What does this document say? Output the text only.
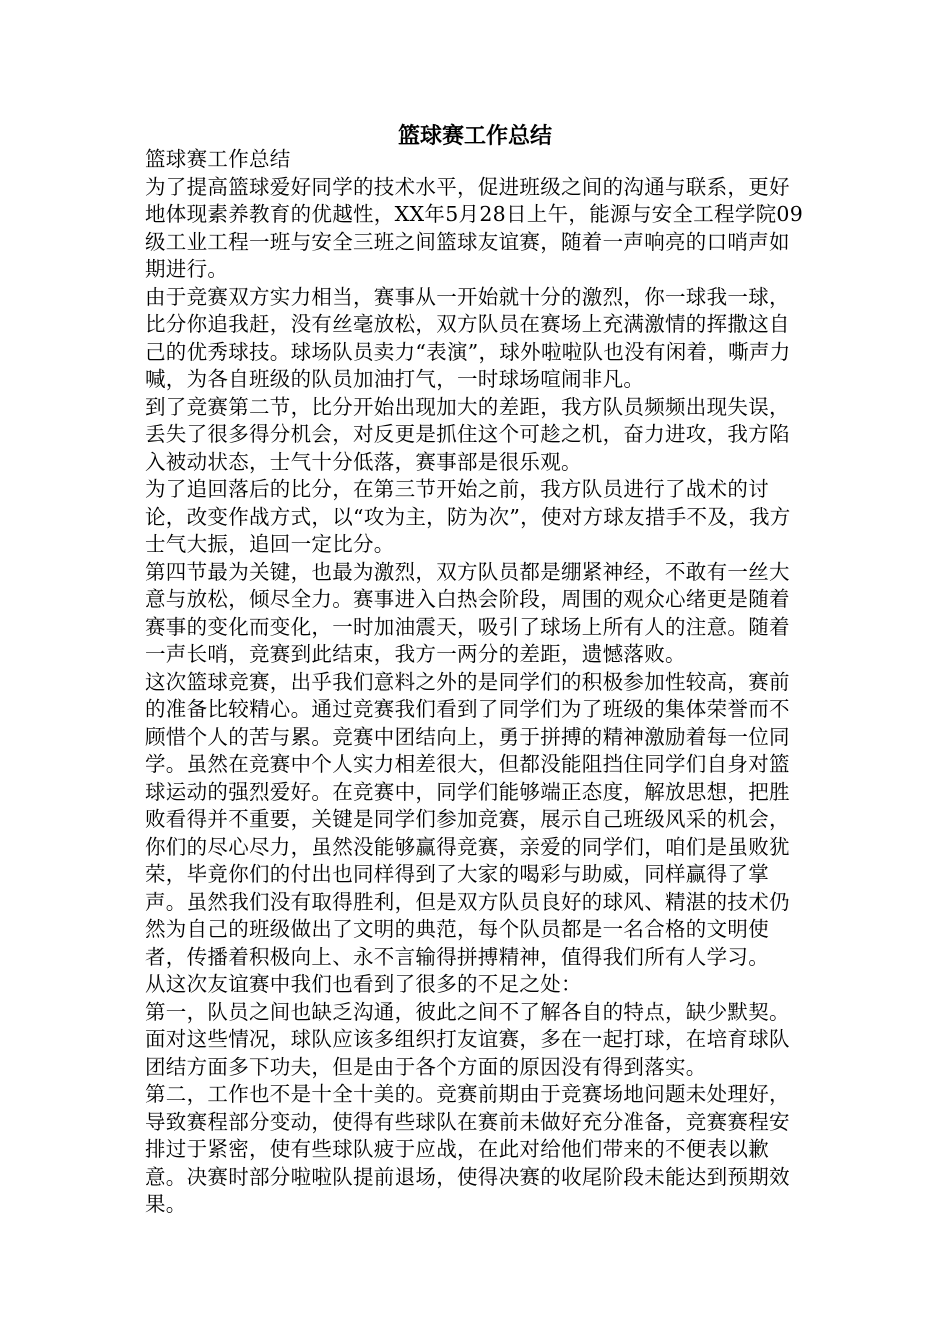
篮球赛工作总结

篮球赛工作总结

为了提高篮球爱好同学的技术水平，促进班级之间的沟通与联系，更好地体现素养教育的优越性，XX年5月28日上午，能源与安全工程学院09级工业工程一班与安全三班之间篮球友谊赛，随着一声响亮的口哨声如期进行。

由于竞赛双方实力相当，赛事从一开始就十分的激烈，你一球我一球，比分你追我赶，没有丝毫放松，双方队员在赛场上充满激情的挥撒这自己的优秀球技。球场队员卖力“表演”，球外啦啦队也没有闲着，嘶声力喊，为各自班级的队员加油打气，一时球场喧闹非凡。

到了竞赛第二节，比分开始出现加大的差距，我方队员频频出现失误，丢失了很多得分机会，对反更是抓住这个可趁之机，奋力进攻，我方陷入被动状态，士气十分低落，赛事部是很乐观。

为了追回落后的比分，在第三节开始之前，我方队员进行了战术的讨论，改变作战方式，以“攻为主，防为次”，使对方球友措手不及，我方士气大振，追回一定比分。

第四节最为关键，也最为激烈，双方队员都是绷紧神经，不敢有一丝大意与放松，倾尽全力。赛事进入白热会阶段，周围的观众心绪更是随着赛事的变化而变化，一时加油震天，吸引了球场上所有人的注意。随着一声长哨，竞赛到此结束，我方一两分的差距，遗憾落败。

这次篮球竞赛，出乎我们意料之外的是同学们的积极参加性较高，赛前的准备比较精心。通过竞赛我们看到了同学们为了班级的集体荣誉而不顾惜个人的苦与累。竞赛中团结向上，勇于拼搏的精神激励着每一位同学。虽然在竞赛中个人实力相差很大，但都没能阻挡住同学们自身对篮球运动的强烈爱好。在竞赛中，同学们能够端正态度，解放思想，把胜败看得并不重要，关键是同学们参加竞赛，展示自己班级风采的机会，你们的尽心尽力，虽然没能够赢得竞赛，亲爱的同学们，咱们是虽败犹荣，毕竟你们的付出也同样得到了大家的喝彩与助威，同样赢得了掌声。虽然我们没有取得胜利，但是双方队员良好的球风、精湛的技术仍然为自己的班级做出了文明的典范，每个队员都是一名合格的文明使者，传播着积极向上、永不言输得拼搏精神，值得我们所有人学习。

从这次友谊赛中我们也看到了很多的不足之处：

第一，队员之间也缺乏沟通，彼此之间不了解各自的特点，缺少默契。面对这些情况，球队应该多组织打友谊赛，多在一起打球，在培育球队团结方面多下功夫，但是由于各个方面的原因没有得到落实。

第二，工作也不是十全十美的。竞赛前期由于竞赛场地问题未处理好，导致赛程部分变动，使得有些球队在赛前未做好充分准备，竞赛赛程安排过于紧密，使有些球队疲于应战，在此对给他们带来的不便表以歉意。决赛时部分啦啦队提前退场，使得决赛的收尾阶段未能达到预期效果。
